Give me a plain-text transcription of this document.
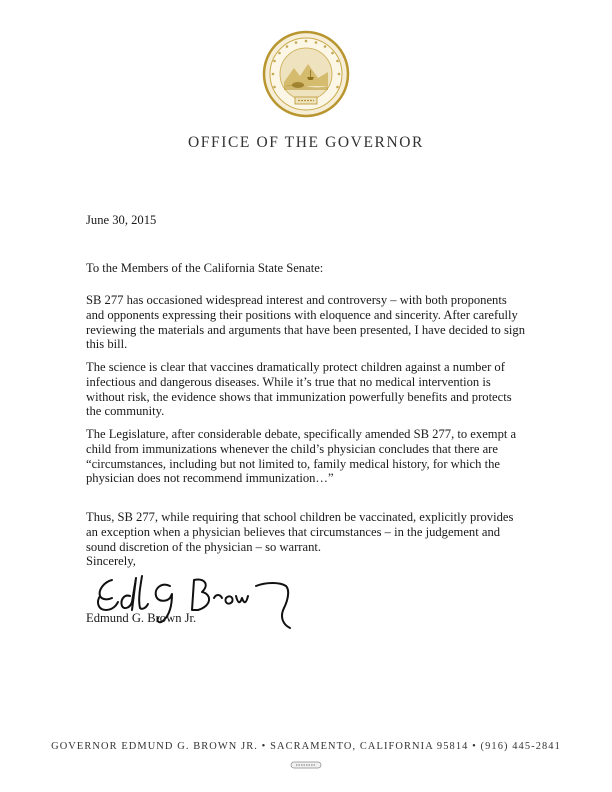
OFFICE OF THE GOVERNOR
June 30, 2015
To the Members of the California State Senate:
SB 277 has occasioned widespread interest and controversy – with both proponents and opponents expressing their positions with eloquence and sincerity. After carefully reviewing the materials and arguments that have been presented, I have decided to sign this bill.
The science is clear that vaccines dramatically protect children against a number of infectious and dangerous diseases. While it’s true that no medical intervention is without risk, the evidence shows that immunization powerfully benefits and protects the community.
The Legislature, after considerable debate, specifically amended SB 277, to exempt a child from immunizations whenever the child’s physician concludes that there are “circumstances, including but not limited to, family medical history, for which the physician does not recommend immunization…”
Thus, SB 277, while requiring that school children be vaccinated, explicitly provides an exception when a physician believes that circumstances – in the judgement and sound discretion of the physician – so warrant.
Sincerely,
Edmund G. Brown Jr.
GOVERNOR EDMUND G. BROWN JR. • SACRAMENTO, CALIFORNIA 95814 • (916) 445-2841
